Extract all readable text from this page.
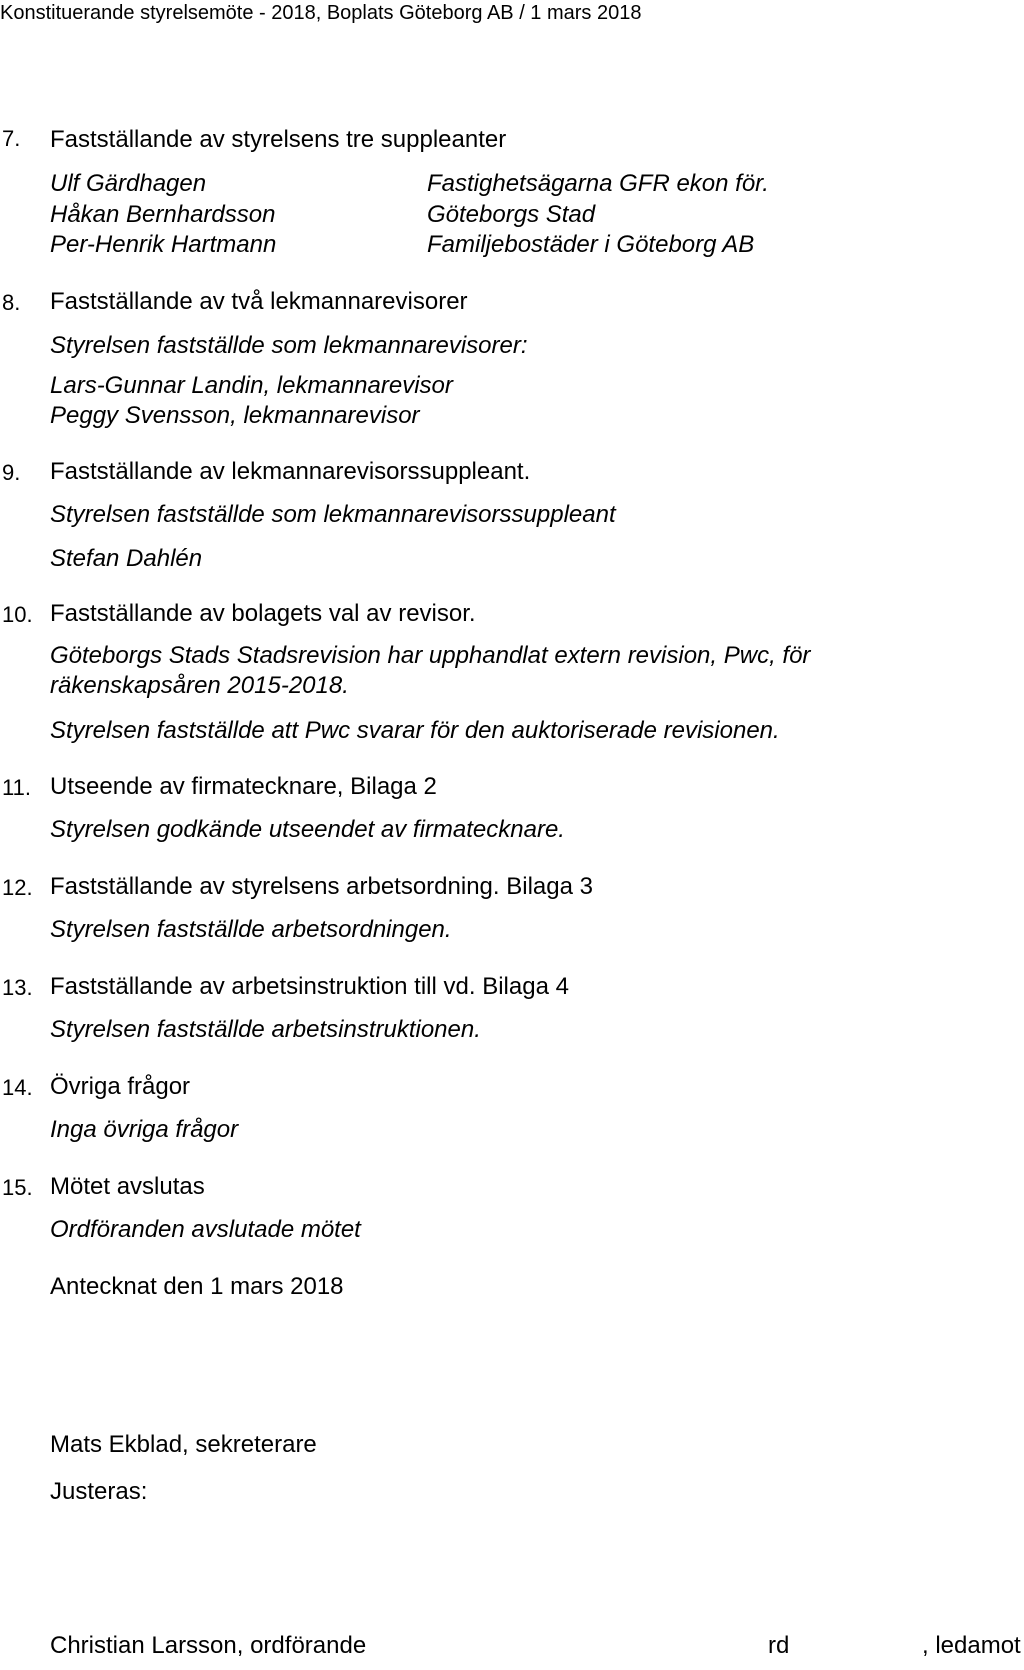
Konstituerande styrelsemöte - 2018, Boplats Göteborg AB / 1 mars 2018
7.	Fastställande av styrelsens tre suppleanter
Ulf Gärdhagen	Fastighetsägarna GFR ekon för.
Håkan Bernhardsson	Göteborgs Stad
Per-Henrik Hartmann	Familjebostäder i Göteborg AB
8.	Fastställande av två lekmannarevisorer
Styrelsen fastställde som lekmannarevisorer:
Lars-Gunnar Landin, lekmannarevisor
Peggy Svensson, lekmannarevisor
9.	Fastställande av lekmannarevisorssuppleant.
Styrelsen fastställde som lekmannarevisorssuppleant
Stefan Dahlén
10. Fastställande av bolagets val av revisor.
Göteborgs Stads Stadsrevision har upphandlat extern revision, Pwc, för
räkenskapsåren 2015-2018.
Styrelsen fastställde att Pwc svarar för den auktoriserade revisionen.
11. Utseende av firmatecknare, Bilaga 2
Styrelsen godkände utseendet av firmatecknare.
12. Fastställande av styrelsens arbetsordning. Bilaga 3
Styrelsen fastställde arbetsordningen.
13. Fastställande av arbetsinstruktion till vd. Bilaga 4
Styrelsen fastställde arbetsinstruktionen.
14. Övriga frågor
Inga övriga frågor
15. Mötet avslutas
Ordföranden avslutade mötet
Antecknat den 1 mars 2018
Mats Ekblad, sekreterare
Justeras:
Christian Larsson, ordförande	rd	, ledamot
